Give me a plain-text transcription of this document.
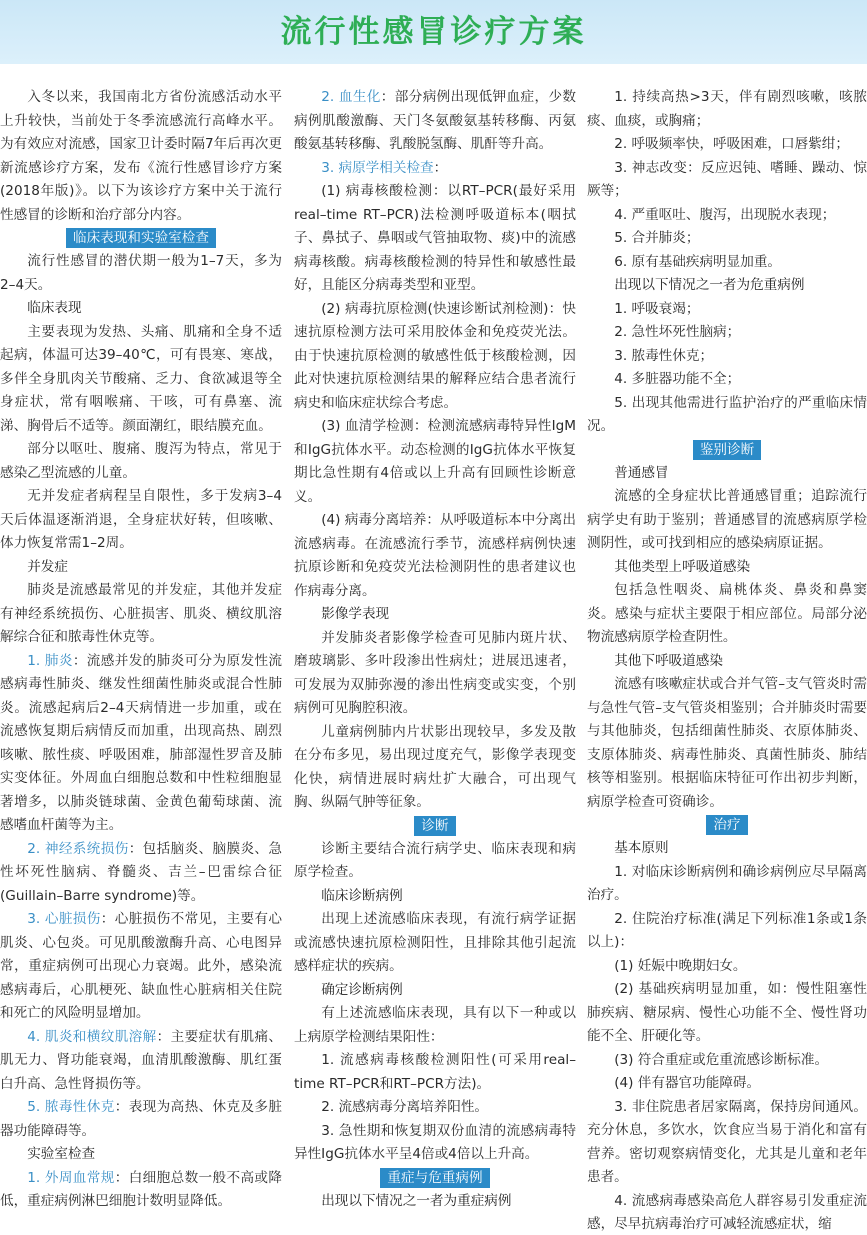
流行性感冒诊疗方案

入冬以来，我国南北方省份流感活动水平上升较快，当前处于冬季流感流行高峰水平。为有效应对流感，国家卫计委时隔7年后再次更新流感诊疗方案，发布《流行性感冒诊疗方案(2018年版)》。以下为该诊疗方案中关于流行性感冒的诊断和治疗部分内容。

临床表现和实验室检查

流行性感冒的潜伏期一般为1–7天，多为2–4天。

临床表现

主要表现为发热、头痛、肌痛和全身不适起病，体温可达39–40℃，可有畏寒、寒战，多伴全身肌肉关节酸痛、乏力、食欲减退等全身症状，常有咽喉痛、干咳，可有鼻塞、流涕、胸骨后不适等。颜面潮红，眼结膜充血。

部分以呕吐、腹痛、腹泻为特点，常见于感染乙型流感的儿童。

无并发症者病程呈自限性，多于发病3–4天后体温逐渐消退，全身症状好转，但咳嗽、体力恢复常需1–2周。

并发症

肺炎是流感最常见的并发症，其他并发症有神经系统损伤、心脏损害、肌炎、横纹肌溶解综合征和脓毒性休克等。

1. 肺炎：流感并发的肺炎可分为原发性流感病毒性肺炎、继发性细菌性肺炎或混合性肺炎。流感起病后2–4天病情进一步加重，或在流感恢复期后病情反而加重，出现高热、剧烈咳嗽、脓性痰、呼吸困难，肺部湿性罗音及肺实变体征。外周血白细胞总数和中性粒细胞显著增多，以肺炎链球菌、金黄色葡萄球菌、流感嗜血杆菌等为主。

2. 神经系统损伤：包括脑炎、脑膜炎、急性坏死性脑病、脊髓炎、吉兰–巴雷综合征(Guillain–Barre syndrome)等。

3. 心脏损伤：心脏损伤不常见，主要有心肌炎、心包炎。可见肌酸激酶升高、心电图异常，重症病例可出现心力衰竭。此外，感染流感病毒后，心肌梗死、缺血性心脏病相关住院和死亡的风险明显增加。

4. 肌炎和横纹肌溶解：主要症状有肌痛、肌无力、肾功能衰竭，血清肌酸激酶、肌红蛋白升高、急性肾损伤等。

5. 脓毒性休克：表现为高热、休克及多脏器功能障碍等。

实验室检查

1. 外周血常规：白细胞总数一般不高或降低，重症病例淋巴细胞计数明显降低。

2. 血生化：部分病例出现低钾血症，少数病例肌酸激酶、天门冬氨酸氨基转移酶、丙氨酸氨基转移酶、乳酸脱氢酶、肌酐等升高。

3. 病原学相关检查：

(1) 病毒核酸检测：以RT–PCR(最好采用real–time RT–PCR)法检测呼吸道标本(咽拭子、鼻拭子、鼻咽或气管抽取物、痰)中的流感病毒核酸。病毒核酸检测的特异性和敏感性最好，且能区分病毒类型和亚型。

(2) 病毒抗原检测(快速诊断试剂检测)：快速抗原检测方法可采用胶体金和免疫荧光法。由于快速抗原检测的敏感性低于核酸检测，因此对快速抗原检测结果的解释应结合患者流行病史和临床症状综合考虑。

(3) 血清学检测：检测流感病毒特异性IgM和IgG抗体水平。动态检测的IgG抗体水平恢复期比急性期有4倍或以上升高有回顾性诊断意义。

(4) 病毒分离培养：从呼吸道标本中分离出流感病毒。在流感流行季节，流感样病例快速抗原诊断和免疫荧光法检测阴性的患者建议也作病毒分离。

影像学表现

并发肺炎者影像学检查可见肺内斑片状、磨玻璃影、多叶段渗出性病灶；进展迅速者，可发展为双肺弥漫的渗出性病变或实变，个别病例可见胸腔积液。

儿童病例肺内片状影出现较早，多发及散在分布多见，易出现过度充气，影像学表现变化快，病情进展时病灶扩大融合，可出现气胸、纵隔气肿等征象。

诊断

诊断主要结合流行病学史、临床表现和病原学检查。

临床诊断病例

出现上述流感临床表现，有流行病学证据或流感快速抗原检测阳性，且排除其他引起流感样症状的疾病。

确定诊断病例

有上述流感临床表现，具有以下一种或以上病原学检测结果阳性：

1. 流感病毒核酸检测阳性(可采用real–time RT–PCR和RT–PCR方法)。

2. 流感病毒分离培养阳性。

3. 急性期和恢复期双份血清的流感病毒特异性IgG抗体水平呈4倍或4倍以上升高。

重症与危重病例
出现以下情况之一者为重症病例

1. 持续高热>3天，伴有剧烈咳嗽，咳脓痰、血痰，或胸痛；

2. 呼吸频率快，呼吸困难，口唇紫绀；

3. 神志改变：反应迟钝、嗜睡、躁动、惊厥等；

4. 严重呕吐、腹泻，出现脱水表现；

5. 合并肺炎；

6. 原有基础疾病明显加重。

出现以下情况之一者为危重病例

1. 呼吸衰竭；

2. 急性坏死性脑病；

3. 脓毒性休克；

4. 多脏器功能不全；

5. 出现其他需进行监护治疗的严重临床情况。

鉴别诊断
普通感冒

流感的全身症状比普通感冒重；追踪流行病学史有助于鉴别；普通感冒的流感病原学检测阴性，或可找到相应的感染病原证据。

其他类型上呼吸道感染

包括急性咽炎、扁桃体炎、鼻炎和鼻窦炎。感染与症状主要限于相应部位。局部分泌物流感病原学检查阴性。

其他下呼吸道感染

流感有咳嗽症状或合并气管–支气管炎时需与急性气管–支气管炎相鉴别；合并肺炎时需要与其他肺炎，包括细菌性肺炎、衣原体肺炎、支原体肺炎、病毒性肺炎、真菌性肺炎、肺结核等相鉴别。根据临床特征可作出初步判断，病原学检查可资确诊。

治疗
基本原则

1. 对临床诊断病例和确诊病例应尽早隔离治疗。

2. 住院治疗标准(满足下列标准1条或1条以上)：

(1) 妊娠中晚期妇女。

(2) 基础疾病明显加重，如：慢性阻塞性肺疾病、糖尿病、慢性心功能不全、慢性肾功能不全、肝硬化等。

(3) 符合重症或危重流感诊断标准。

(4) 伴有器官功能障碍。

3. 非住院患者居家隔离，保持房间通风。充分休息，多饮水，饮食应当易于消化和富有营养。密切观察病情变化，尤其是儿童和老年患者。

4. 流感病毒感染高危人群容易引发重症流感，尽早抗病毒治疗可减轻流感症状，缩
